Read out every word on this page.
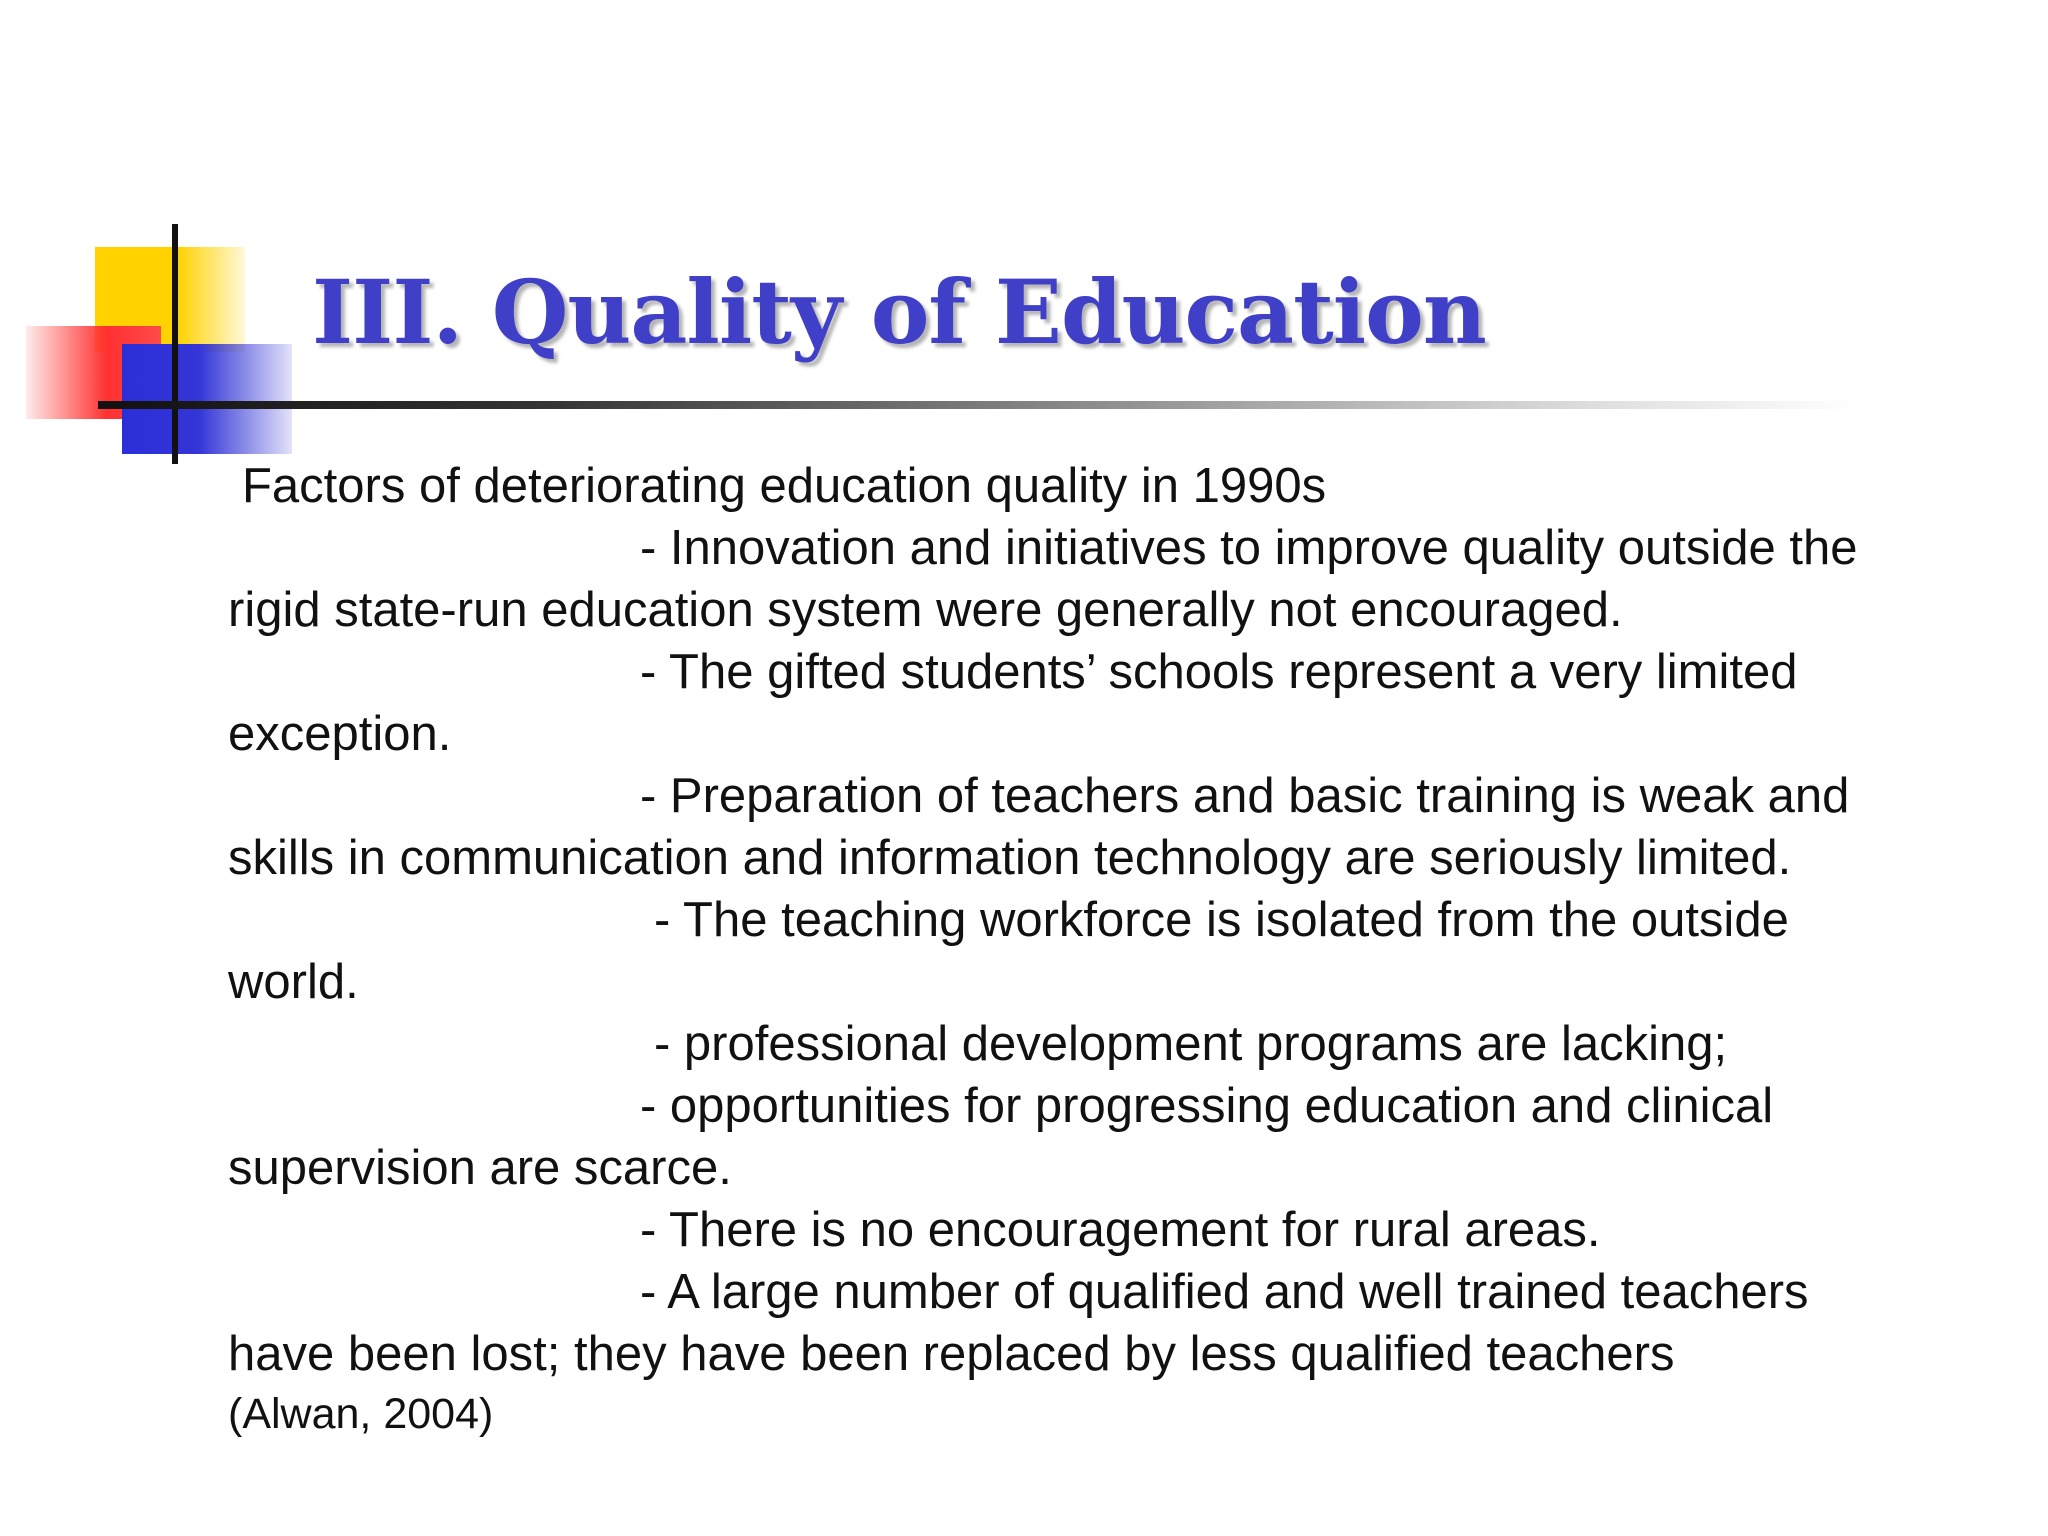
III. Quality of Education
Factors of deteriorating education quality in 1990s
- Innovation and initiatives to improve quality outside the
rigid state-run education system were generally not encouraged.
- The gifted students’ schools represent a very limited
exception.
- Preparation of teachers and basic training is weak and
skills in communication and information technology are seriously limited.
- The teaching workforce is isolated from the outside
world.
- professional development programs are lacking;
- opportunities for progressing education and clinical
supervision are scarce.
- There is no encouragement for rural areas.
- A large number of qualified and well trained teachers
have been lost; they have been replaced by less qualified teachers
(Alwan, 2004)
